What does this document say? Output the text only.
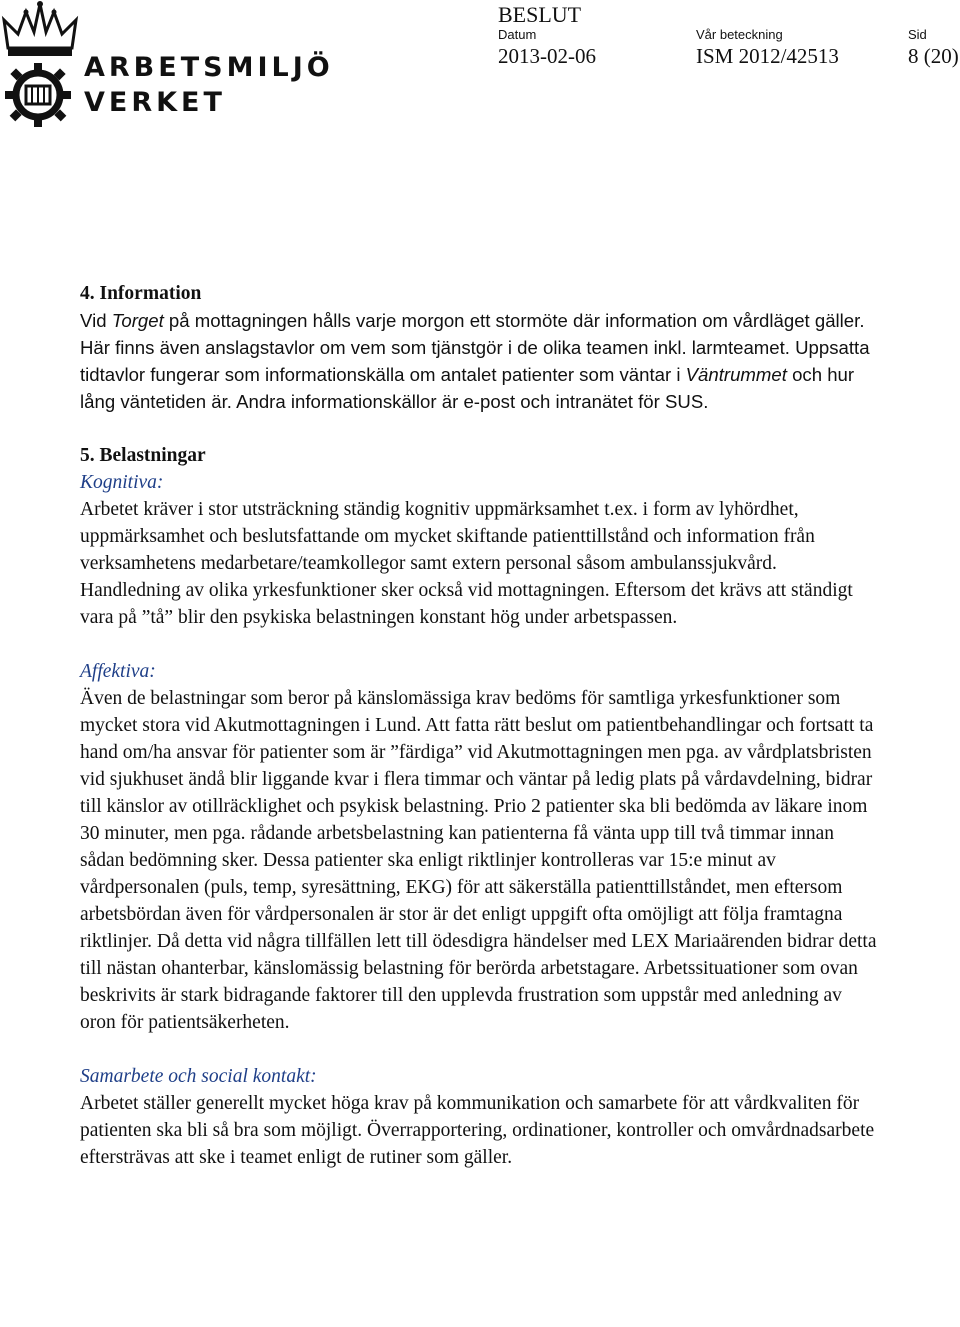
ARBETSMILJÖ
VERKET
BESLUT
Datum
2013-02-06
Vår beteckning
ISM 2012/42513
Sid
8 (20)

4. Information

Vid Torget på mottagningen hålls varje morgon ett stormöte där information om vårdläget gäller. Här finns även anslagstavlor om vem som tjänstgör i de olika teamen inkl. larmteamet. Uppsatta tidtavlor fungerar som informationskälla om antalet patienter som väntar i Väntrummet och hur lång väntetiden är. Andra informationskällor är e-post och intranätet för SUS.

5. Belastningar

Kognitiva:

Arbetet kräver i stor utsträckning ständig kognitiv uppmärksamhet t.ex. i form av lyhördhet, uppmärksamhet och beslutsfattande om mycket skiftande patienttillstånd och information från verksamhetens medarbetare/teamkollegor samt extern personal såsom ambulanssjukvård. Handledning av olika yrkesfunktioner sker också vid mottagningen. Eftersom det krävs att ständigt vara på ”tå” blir den psykiska belastningen konstant hög under arbetspassen.

Affektiva:

Även de belastningar som beror på känslomässiga krav bedöms för samtliga yrkesfunktioner som mycket stora vid Akutmottagningen i Lund. Att fatta rätt beslut om patientbehandlingar och fortsatt ta hand om/ha ansvar för patienter som är ”färdiga” vid Akutmottagningen men pga. av vårdplatsbristen vid sjukhuset ändå blir liggande kvar i flera timmar och väntar på ledig plats på vårdavdelning, bidrar till känslor av otillräcklighet och psykisk belastning. Prio 2 patienter ska bli bedömda av läkare inom 30 minuter, men pga. rådande arbetsbelastning kan patienterna få vänta upp till två timmar innan sådan bedömning sker. Dessa patienter ska enligt riktlinjer kontrolleras var 15:e minut av vårdpersonalen (puls, temp, syresättning, EKG) för att säkerställa patienttillståndet, men eftersom arbetsbördan även för vårdpersonalen är stor är det enligt uppgift ofta omöjligt att följa framtagna riktlinjer. Då detta vid några tillfällen lett till ödesdigra händelser med LEX Mariaärenden bidrar detta till nästan ohanterbar, känslomässig belastning för berörda arbetstagare. Arbetssituationer som ovan beskrivits är stark bidragande faktorer till den upplevda frustration som uppstår med anledning av oron för patientsäkerheten.

Samarbete och social kontakt:

Arbetet ställer generellt mycket höga krav på kommunikation och samarbete för att vårdkvaliten för patienten ska bli så bra som möjligt. Överrapportering, ordinationer, kontroller och omvårdnadsarbete eftersträvas att ske i teamet enligt de rutiner som gäller.
